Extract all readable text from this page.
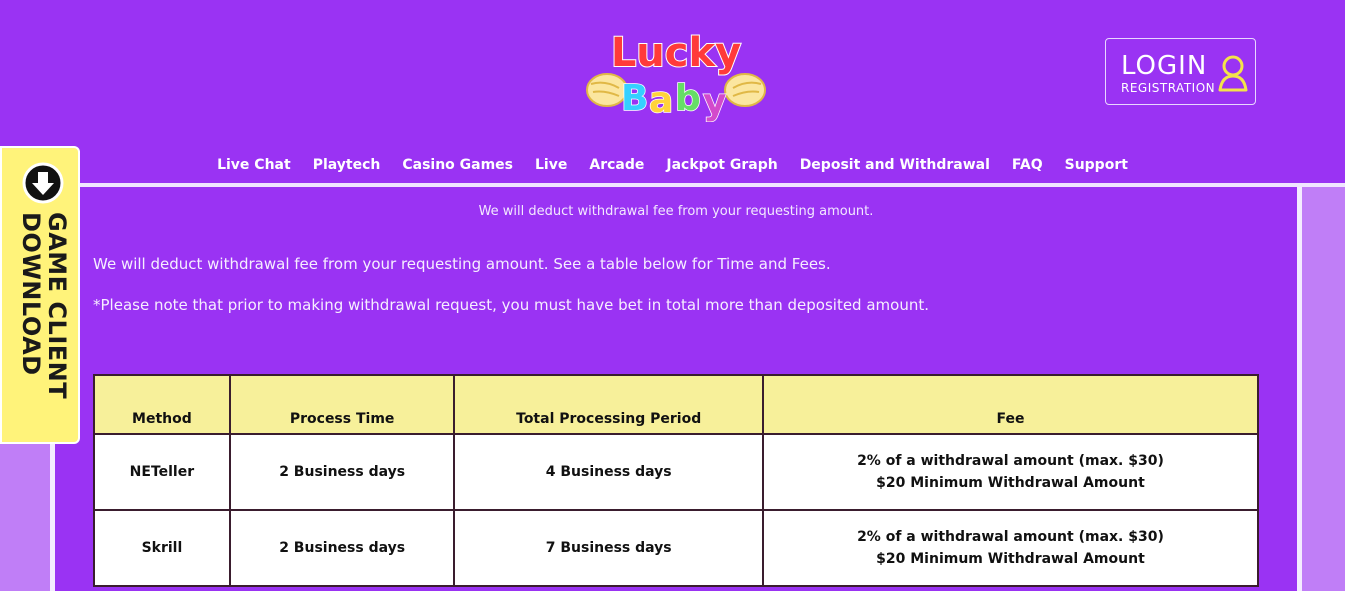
Lucky
B a b y
LOGIN
REGISTRATION
Live Chat	Playtech	Casino Games	Live	Arcade	Jackpot Graph	Deposit and Withdrawal	FAQ	Support
We will deduct withdrawal fee from your requesting amount.
We will deduct withdrawal fee from your requesting amount. See a table below for Time and Fees.
*Please note that prior to making withdrawal request, you must have bet in total more than deposited amount.
Method	Process Time	Total Processing Period	Fee
NETeller	2 Business days	4 Business days	2% of a withdrawal amount (max. $30)
$20 Minimum Withdrawal Amount

Skrill	2 Business days	7 Business days	2% of a withdrawal amount (max. $30)
$20 Minimum Withdrawal Amount
GAME CLIENT DOWNLOAD
